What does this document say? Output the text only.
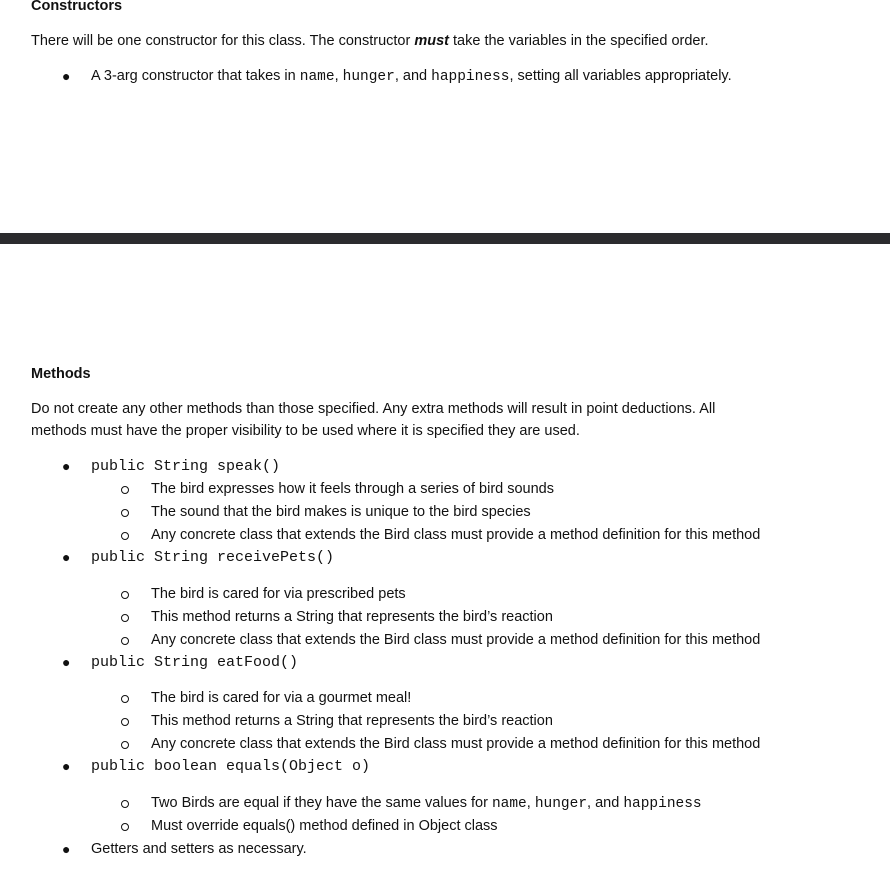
Constructors
There will be one constructor for this class. The constructor must take the variables in the specified order.
● A 3-arg constructor that takes in name, hunger, and happiness, setting all variables appropriately.
Methods
Do not create any other methods than those specified. Any extra methods will result in point deductions. All
methods must have the proper visibility to be used where it is specified they are used.
● public String speak()
The bird expresses how it feels through a series of bird sounds
The sound that the bird makes is unique to the bird species
Any concrete class that extends the Bird class must provide a method definition for this method
● public String receivePets()
The bird is cared for via prescribed pets
This method returns a String that represents the bird’s reaction
Any concrete class that extends the Bird class must provide a method definition for this method
● public String eatFood()
The bird is cared for via a gourmet meal!
This method returns a String that represents the bird’s reaction
Any concrete class that extends the Bird class must provide a method definition for this method
● public boolean equals(Object o)
Two Birds are equal if they have the same values for name, hunger, and happiness
Must override equals() method defined in Object class
● Getters and setters as necessary.
